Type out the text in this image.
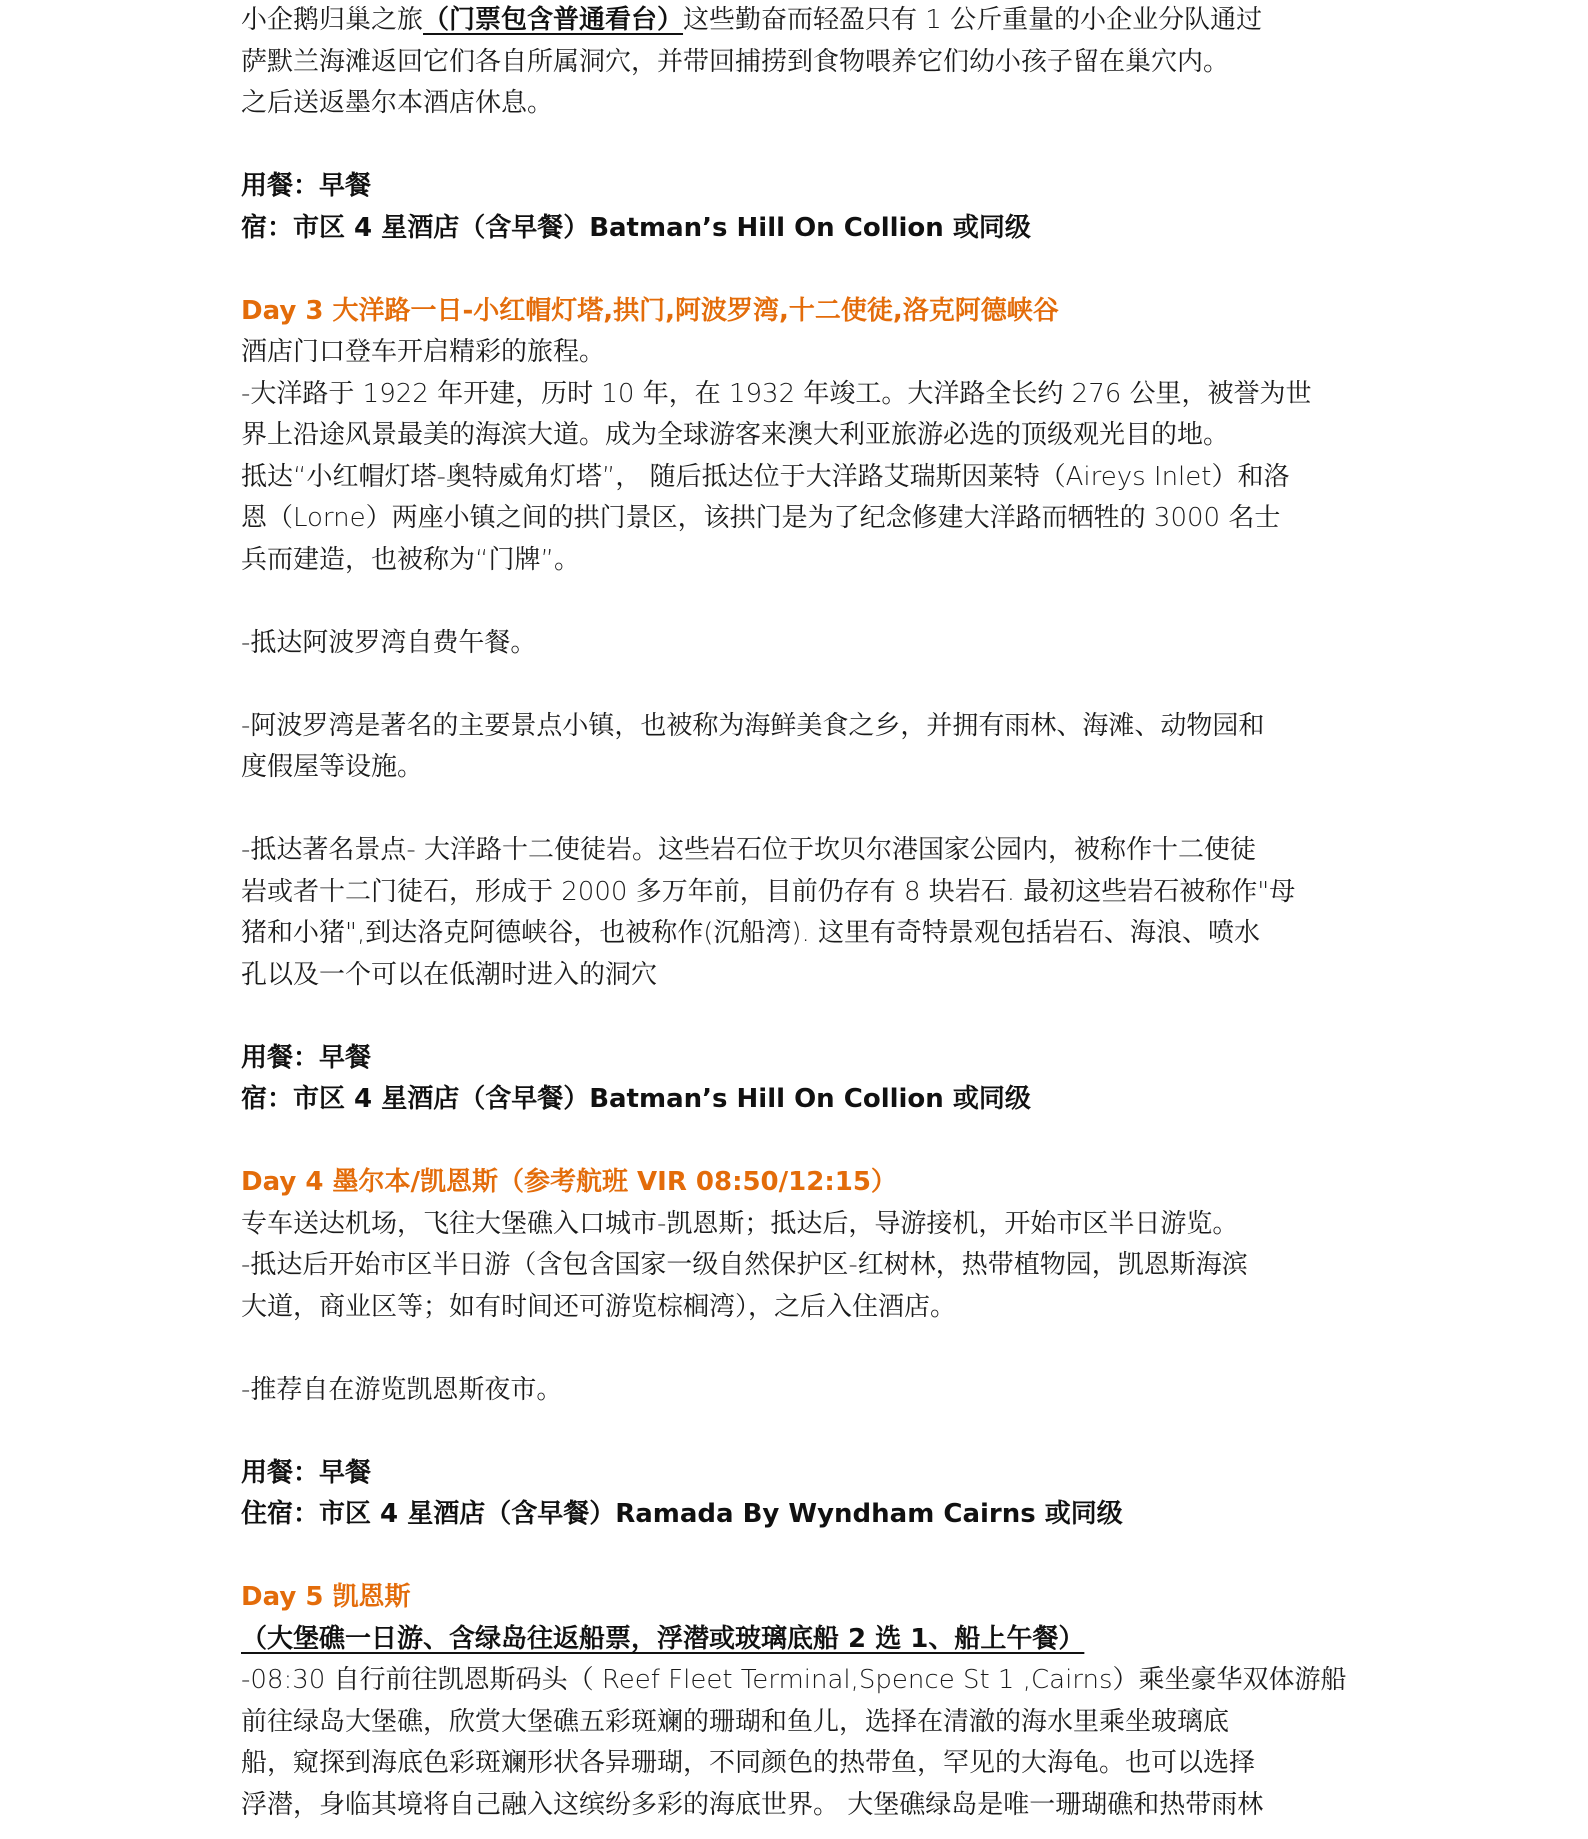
小企鹅归巢之旅（门票包含普通看台）这些勤奋而轻盈只有 1 公斤重量的小企业分队通过

萨默兰海滩返回它们各自所属洞穴，并带回捕捞到食物喂养它们幼小孩子留在巢穴内。

之后送返墨尔本酒店休息。

用餐：早餐

宿：市区 4 星酒店（含早餐）Batman’s Hill On Collion 或同级

Day 3 大洋路一日-小红帽灯塔,拱门,阿波罗湾,十二使徒,洛克阿德峡谷

酒店门口登车开启精彩的旅程。

-大洋路于 1922 年开建，历时 10 年，在 1932 年竣工。大洋路全长约 276 公里，被誉为世

界上沿途风景最美的海滨大道。成为全球游客来澳大利亚旅游必选的顶级观光目的地。

抵达“小红帽灯塔-奥特威角灯塔”， 随后抵达位于大洋路艾瑞斯因莱特（Aireys Inlet）和洛

恩（Lorne）两座小镇之间的拱门景区，该拱门是为了纪念修建大洋路而牺牲的 3000 名士

兵而建造，也被称为“门牌”。

-抵达阿波罗湾自费午餐。

-阿波罗湾是著名的主要景点小镇，也被称为海鲜美食之乡，并拥有雨林、海滩、动物园和

度假屋等设施。

-抵达著名景点- 大洋路十二使徒岩。这些岩石位于坎贝尔港国家公园内，被称作十二使徒

岩或者十二门徒石，形成于 2000 多万年前，目前仍存有 8 块岩石. 最初这些岩石被称作"母

猪和小猪",到达洛克阿德峡谷，也被称作(沉船湾). 这里有奇特景观包括岩石、海浪、喷水

孔以及一个可以在低潮时进入的洞穴

用餐：早餐

宿：市区 4 星酒店（含早餐）Batman’s Hill On Collion 或同级

Day 4 墨尔本/凯恩斯（参考航班 VIR 08:50/12:15）

专车送达机场，飞往大堡礁入口城市-凯恩斯；抵达后，导游接机，开始市区半日游览。

-抵达后开始市区半日游（含包含国家一级自然保护区-红树林，热带植物园，凯恩斯海滨

大道，商业区等；如有时间还可游览棕榈湾），之后入住酒店。

-推荐自在游览凯恩斯夜市。

用餐：早餐

住宿：市区 4 星酒店（含早餐）Ramada By Wyndham Cairns 或同级

Day 5 凯恩斯

（大堡礁一日游、含绿岛往返船票，浮潜或玻璃底船 2 选 1、船上午餐）

-08:30 自行前往凯恩斯码头（ Reef Fleet Terminal,Spence St 1 ,Cairns）乘坐豪华双体游船

前往绿岛大堡礁，欣赏大堡礁五彩斑斓的珊瑚和鱼儿，选择在清澈的海水里乘坐玻璃底

船，窥探到海底色彩斑斓形状各异珊瑚，不同颜色的热带鱼，罕见的大海龟。也可以选择

浮潜，身临其境将自己融入这缤纷多彩的海底世界。 大堡礁绿岛是唯一珊瑚礁和热带雨林
